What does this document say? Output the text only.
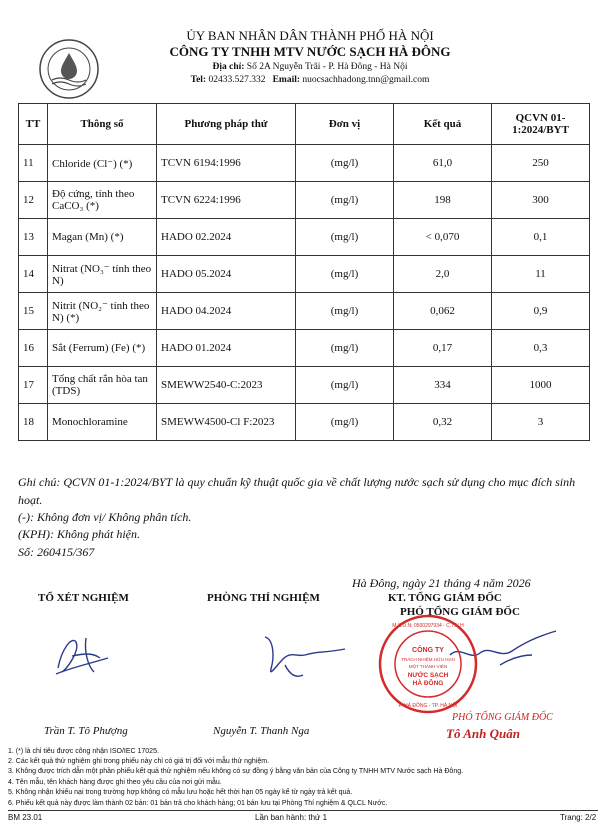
ỦY BAN NHÂN DÂN THÀNH PHỐ HÀ NỘI
CÔNG TY TNHH MTV NƯỚC SẠCH HÀ ĐÔNG
Địa chỉ: Số 2A Nguyễn Trãi - P. Hà Đông - Hà Nội
Tel: 02433.527.332 Email: nuocsachhadong.tnn@gmail.com
TT	Thông số	Phương pháp thử	Đơn vị	Kết quả	QCVN 01-1:2024/BYT
11	Chloride (Cl⁻) (*)	TCVN 6194:1996	(mg/l)	61,0	250
12	Độ cứng, tính theo CaCO₃ (*)	TCVN 6224:1996	(mg/l)	198	300
13	Magan (Mn) (*)	HADO 02.2024	(mg/l)	< 0,070	0,1
14	Nitrat (NO₃⁻ tính theo N)	HADO 05.2024	(mg/l)	2,0	11
15	Nitrit (NO₂⁻ tính theo N) (*)	HADO 04.2024	(mg/l)	0,062	0,9
16	Sắt (Ferrum) (Fe) (*)	HADO 01.2024	(mg/l)	0,17	0,3
17	Tổng chất rắn hòa tan (TDS)	SMEWW2540-C:2023	(mg/l)	334	1000
18	Monochloramine	SMEWW4500-Cl F:2023	(mg/l)	0,32	3
Ghi chú: QCVN 01-1:2024/BYT là quy chuẩn kỹ thuật quốc gia về chất lượng nước sạch sử dụng cho mục đích sinh hoạt.
(-): Không đơn vị/ Không phân tích.
(KPH): Không phát hiện.
Số: 260415/367
Hà Đông, ngày 21 tháng 4 năm 2026
TỔ XÉT NGHIỆM	PHÒNG THÍ NGHIỆM	KT. TỔNG GIÁM ĐỐC
PHÓ TỔNG GIÁM ĐỐC
CÔNG TY
TRÁCH NHIỆM HỮU HẠN
MỘT THÀNH VIÊN
NƯỚC SẠCH
HÀ ĐÔNG
M.S.D.N: 0500297934 - C.T.N.H
P. HÀ ĐÔNG - TP. HÀ NỘI
Trần T. Tô Phượng	Nguyễn T. Thanh Nga
PHÓ TỔNG GIÁM ĐỐC
Tô Anh Quân
1. (*) là chỉ tiêu được công nhận ISO/IEC 17025.
2. Các kết quả thử nghiệm ghi trong phiếu này chỉ có giá trị đối với mẫu thử nghiệm.
3. Không được trích dẫn một phần phiếu kết quả thử nghiệm nếu không có sự đồng ý bằng văn bản của Công ty TNHH MTV Nước sạch Hà Đông.
4. Tên mẫu, tên khách hàng được ghi theo yêu cầu của nơi gửi mẫu.
5. Không nhận khiếu nại trong trường hợp không có mẫu lưu hoặc hết thời hạn 05 ngày kể từ ngày trả kết quả.
6. Phiếu kết quả này được làm thành 02 bản: 01 bản trả cho khách hàng; 01 bản lưu tại Phòng Thí nghiệm & QLCL Nước.
BM 23.01	Lần ban hành: thứ 1	Trang: 2/2
